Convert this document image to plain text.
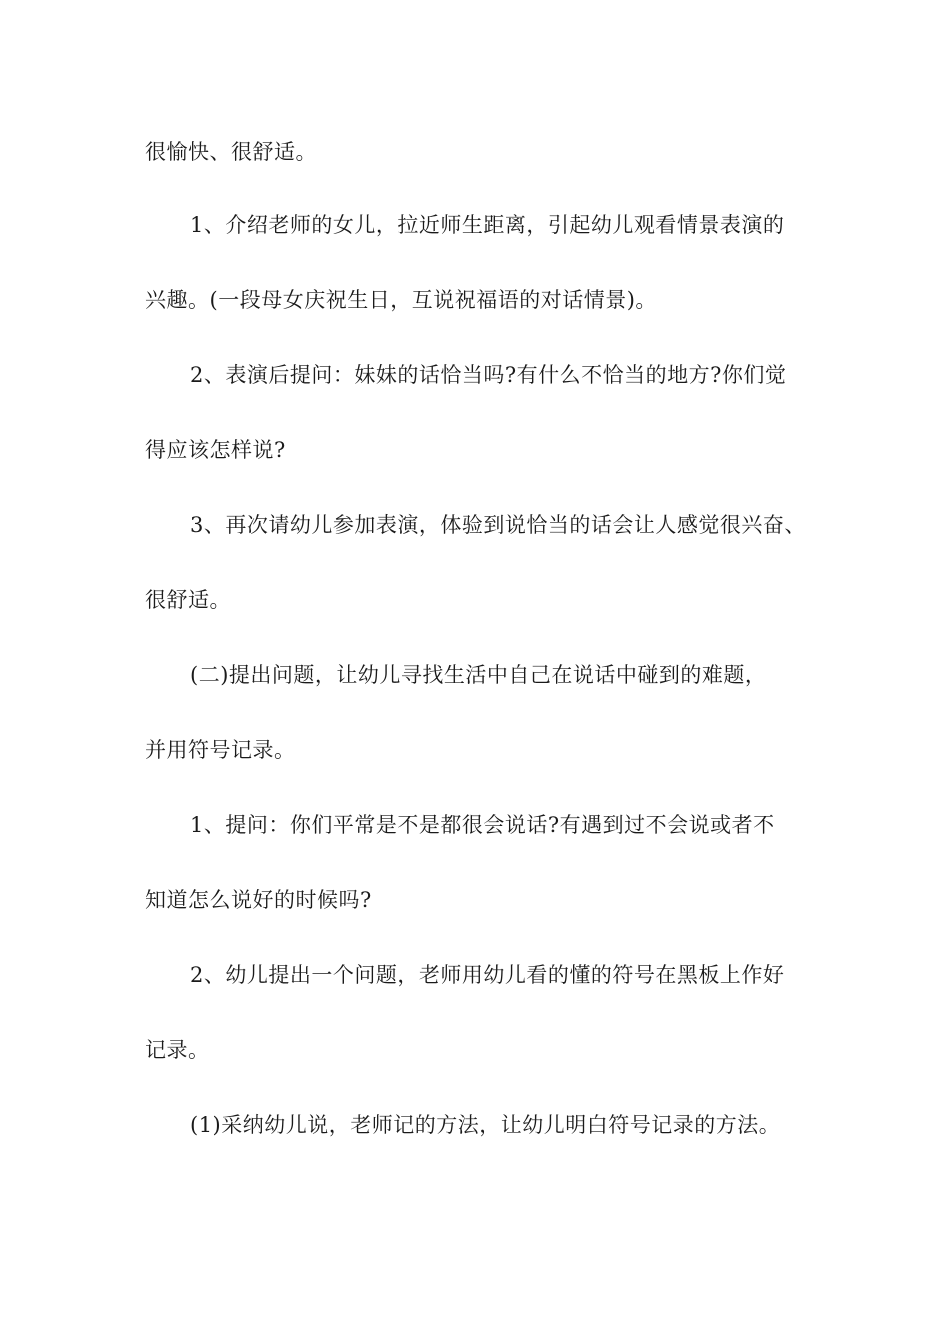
很愉快、很舒适。
1、介绍老师的女儿，拉近师生距离，引起幼儿观看情景表演的
兴趣。(一段母女庆祝生日，互说祝福语的对话情景)。
2、表演后提问：妹妹的话恰当吗?有什么不恰当的地方?你们觉
得应该怎样说?
3、再次请幼儿参加表演，体验到说恰当的话会让人感觉很兴奋、
很舒适。
(二)提出问题，让幼儿寻找生活中自己在说话中碰到的难题，
并用符号记录。
1、提问：你们平常是不是都很会说话?有遇到过不会说或者不
知道怎么说好的时候吗?
2、幼儿提出一个问题，老师用幼儿看的懂的符号在黑板上作好
记录。
(1)采纳幼儿说，老师记的方法，让幼儿明白符号记录的方法。
